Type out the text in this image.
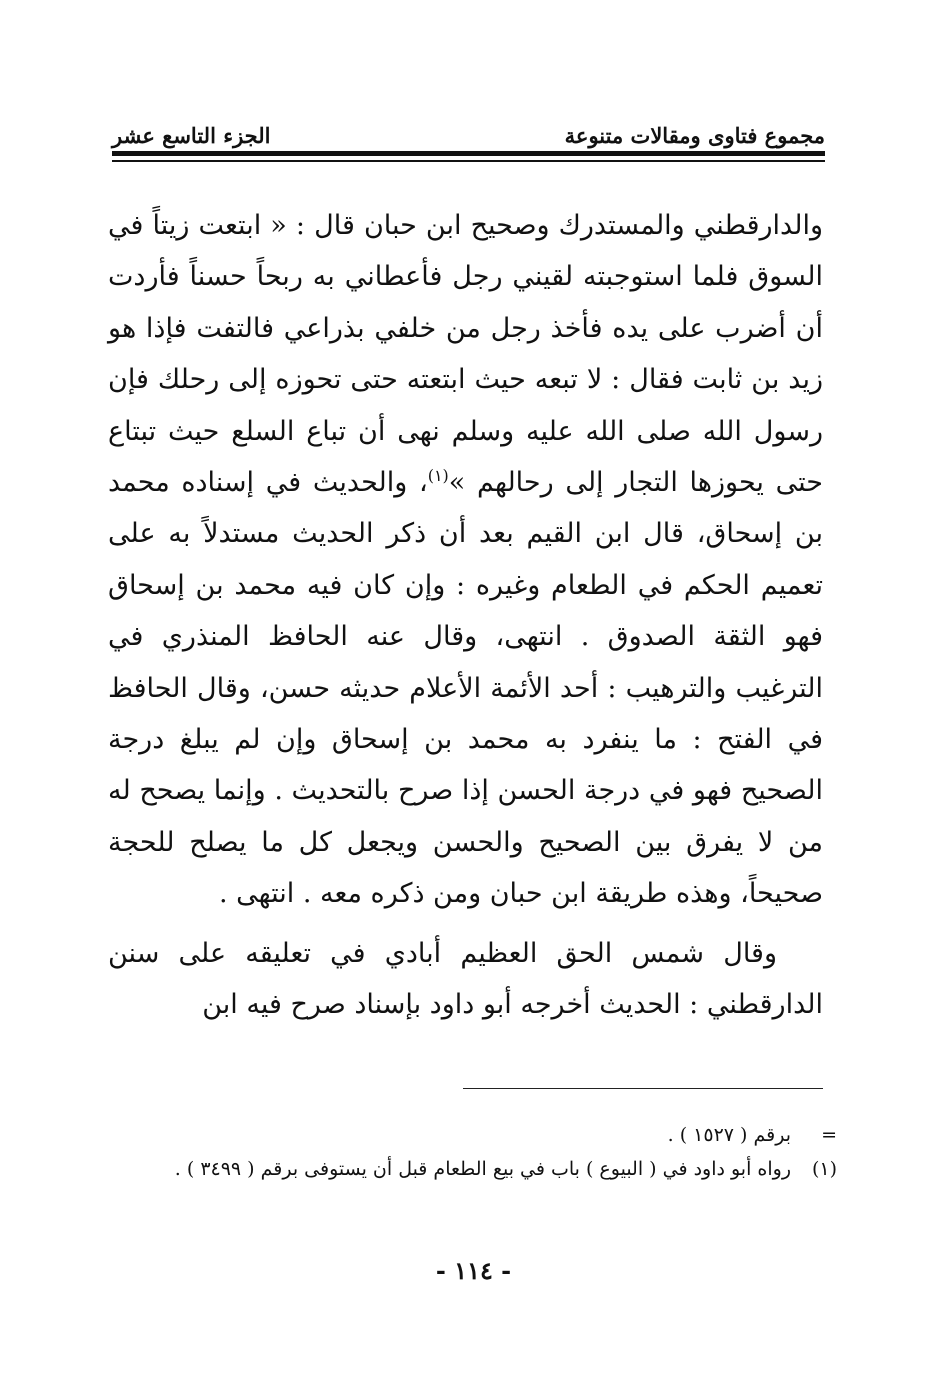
مجموع فتاوى ومقالات متنوعة
الجزء التاسع عشر

والدارقطني والمستدرك وصحيح ابن حبان قال : « ابتعت زيتاً في السوق فلما استوجبته لقيني رجل فأعطاني به ربحاً حسناً فأردت أن أضرب على يده فأخذ رجل من خلفي بذراعي فالتفت فإذا هو زيد بن ثابت فقال : لا تبعه حيث ابتعته حتى تحوزه إلى رحلك فإن رسول الله صلى الله عليه وسلم نهى أن تباع السلع حيث تبتاع حتى يحوزها التجار إلى رحالهم »$^{(١)}$، والحديث في إسناده محمد بن إسحاق، قال ابن القيم بعد أن ذكر الحديث مستدلاً به على تعميم الحكم في الطعام وغيره : وإن كان فيه محمد بن إسحاق فهو الثقة الصدوق . انتهى، وقال عنه الحافظ المنذري في الترغيب والترهيب : أحد الأئمة الأعلام حديثه حسن، وقال الحافظ في الفتح : ما ينفرد به محمد بن إسحاق وإن لم يبلغ درجة الصحيح فهو في درجة الحسن إذا صرح بالتحديث . وإنما يصحح له من لا يفرق بين الصحيح والحسن ويجعل كل ما يصلح للحجة صحيحاً، وهذه طريقة ابن حبان ومن ذكره معه . انتهى .

وقال شمس الحق العظيم أبادي في تعليقه على سنن الدارقطني : الحديث أخرجه أبو داود بإسناد صرح فيه ابن

=
برقم ( ١٥٢٧ ) .
(١)
رواه أبو داود في ( البيوع ) باب في بيع الطعام قبل أن يستوفى برقم ( ٣٤٩٩ ) .
- ١١٤ -
